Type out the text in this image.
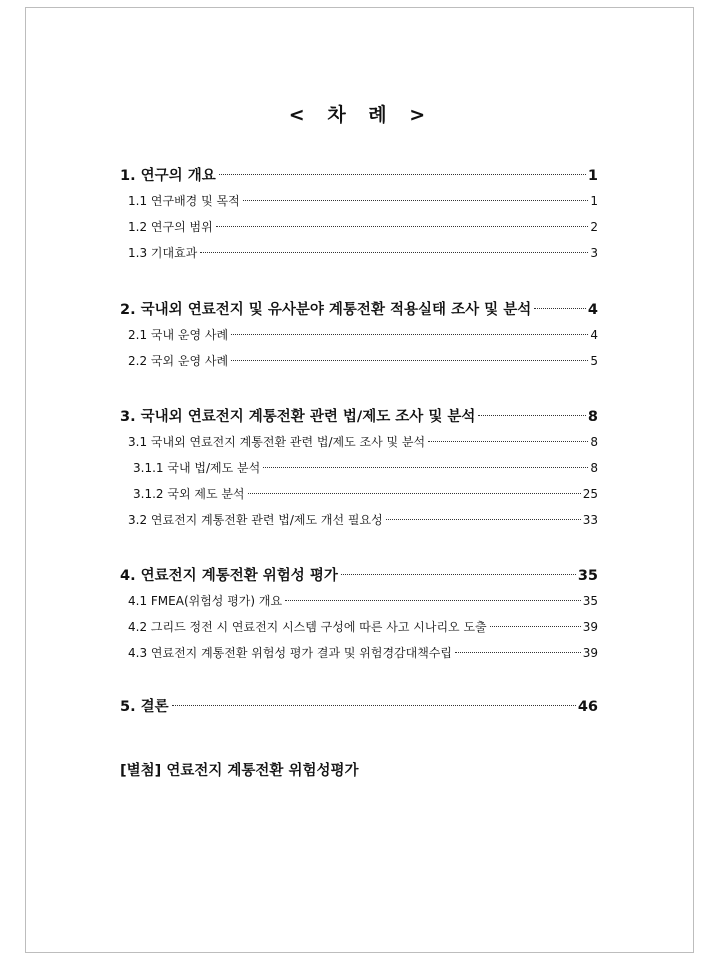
< 차 례 >
1. 연구의 개요	1
1.1 연구배경 및 목적	1
1.2 연구의 범위	2
1.3 기대효과	3
2. 국내외 연료전지 및 유사분야 계통전환 적용실태 조사 및 분석	4
2.1 국내 운영 사례	4
2.2 국외 운영 사례	5
3. 국내외 연료전지 계통전환 관련 법/제도 조사 및 분석	8
3.1 국내외 연료전지 계통전환 관련 법/제도 조사 및 분석	8
3.1.1 국내 법/제도 분석	8
3.1.2 국외 제도 분석	25
3.2 연료전지 계통전환 관련 법/제도 개선 필요성	33
4. 연료전지 계통전환 위험성 평가	35
4.1 FMEA(위험성 평가) 개요	35
4.2 그리드 정전 시 연료전지 시스템 구성에 따른 사고 시나리오 도출	39
4.3 연료전지 계통전환 위험성 평가 결과 및 위험경감대책수립	39
5. 결론	46
[별첨] 연료전지 계통전환 위험성평가
